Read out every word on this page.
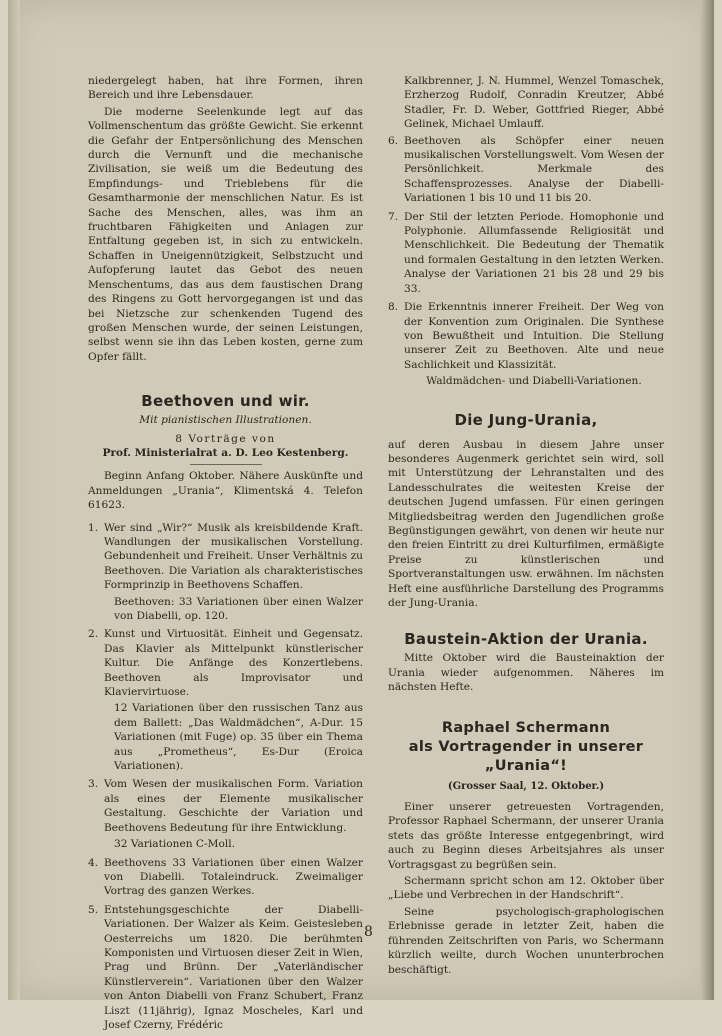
niedergelegt haben, hat ihre Formen, ihren Bereich und ihre Lebensdauer.

Die moderne Seelenkunde legt auf das Vollmenschentum das größte Gewicht. Sie erkennt die Gefahr der Entpersönlichung des Menschen durch die Vernunft und die mechanische Zivilisation, sie weiß um die Bedeutung des Empfindungs- und Trieblebens für die Gesamtharmonie der menschlichen Natur. Es ist Sache des Menschen, alles, was ihm an fruchtbaren Fähigkeiten und Anlagen zur Entfaltung gegeben ist, in sich zu entwickeln. Schaffen in Uneigennützigkeit, Selbstzucht und Aufopferung lautet das Gebot des neuen Menschentums, das aus dem faustischen Drang des Ringens zu Gott hervorgegangen ist und das bei Nietzsche zur schenkenden Tugend des großen Menschen wurde, der seinen Leistungen, selbst wenn sie ihn das Leben kosten, gerne zum Opfer fällt.

Beethoven und wir.
Mit pianistischen Illustrationen.
8 Vorträge von
Prof. Ministerialrat a. D. Leo Kestenberg.

Beginn Anfang Oktober. Nähere Auskünfte und Anmeldungen „Urania“, Klimentská 4. Telefon 61623.

1. Wer sind „Wir?“ Musik als kreisbildende Kraft. Wandlungen der musikalischen Vorstellung. Gebundenheit und Freiheit. Unser Verhältnis zu Beethoven. Die Variation als charakteristisches Formprinzip in Beethovens Schaffen.
Beethoven: 33 Variationen über einen Walzer von Diabelli, op. 120.
2. Kunst und Virtuosität. Einheit und Gegensatz. Das Klavier als Mittelpunkt künstlerischer Kultur. Die Anfänge des Konzertlebens. Beethoven als Improvisator und Klaviervirtuose.
12 Variationen über den russischen Tanz aus dem Ballett: „Das Waldmädchen“, A-Dur. 15 Variationen (mit Fuge) op. 35 über ein Thema aus „Prometheus“, Es-Dur (Eroica Variationen).
3. Vom Wesen der musikalischen Form. Variation als eines der Elemente musikalischer Gestaltung. Geschichte der Variation und Beethovens Bedeutung für ihre Entwicklung.
32 Variationen C-Moll.
4. Beethovens 33 Variationen über einen Walzer von Diabelli. Totaleindruck. Zweimaliger Vortrag des ganzen Werkes.
5. Entstehungsgeschichte der Diabelli-Variationen. Der Walzer als Keim. Geistesleben Oesterreichs um 1820. Die berühmten Komponisten und Virtuosen dieser Zeit in Wien, Prag und Brünn. Der „Vaterländischer Künstlerverein“. Variationen über den Walzer von Anton Diabelli von Franz Schubert, Franz Liszt (11jährig), Ignaz Moscheles, Karl und Josef Czerny, Frédéric

Kalkbrenner, J. N. Hummel, Wenzel Tomaschek, Erzherzog Rudolf, Conradin Kreutzer, Abbé Stadler, Fr. D. Weber, Gottfried Rieger, Abbé Gelinek, Michael Umlauff.

6. Beethoven als Schöpfer einer neuen musikalischen Vorstellungswelt. Vom Wesen der Persönlichkeit. Merkmale des Schaffensprozesses. Analyse der Diabelli-Variationen 1 bis 10 und 11 bis 20.
7. Der Stil der letzten Periode. Homophonie und Polyphonie. Allumfassende Religiosität und Menschlichkeit. Die Bedeutung der Thematik und formalen Gestaltung in den letzten Werken. Analyse der Variationen 21 bis 28 und 29 bis 33.
8. Die Erkenntnis innerer Freiheit. Der Weg von der Konvention zum Originalen. Die Synthese von Bewußtheit und Intuition. Die Stellung unserer Zeit zu Beethoven. Alte und neue Sachlichkeit und Klassizität.
Waldmädchen- und Diabelli-Variationen.
Die Jung-Urania,

auf deren Ausbau in diesem Jahre unser besonderes Augenmerk gerichtet sein wird, soll mit Unterstützung der Lehranstalten und des Landesschulrates die weitesten Kreise der deutschen Jugend umfassen. Für einen geringen Mitgliedsbeitrag werden den Jugendlichen große Begünstigungen gewährt, von denen wir heute nur den freien Eintritt zu drei Kulturfilmen, ermäßigte Preise zu künstlerischen und Sportveranstaltungen usw. erwähnen. Im nächsten Heft eine ausführliche Darstellung des Programms der Jung-Urania.

Baustein-Aktion der Urania.

Mitte Oktober wird die Bausteinaktion der Urania wieder aufgenommen. Näheres im nächsten Hefte.

Raphael Schermann
als Vortragender in unserer
„Urania“!
(Grosser Saal, 12. Oktober.)

Einer unserer getreuesten Vortragenden, Professor Raphael Schermann, der unserer Urania stets das größte Interesse entgegenbringt, wird auch zu Beginn dieses Arbeitsjahres als unser Vortragsgast zu begrüßen sein.

Schermann spricht schon am 12. Oktober über „Liebe und Verbrechen in der Handschrift“.

Seine psychologisch-graphologischen Erlebnisse gerade in letzter Zeit, haben die führenden Zeitschriften von Paris, wo Schermann kürzlich weilte, durch Wochen ununterbrochen beschäftigt.

8
